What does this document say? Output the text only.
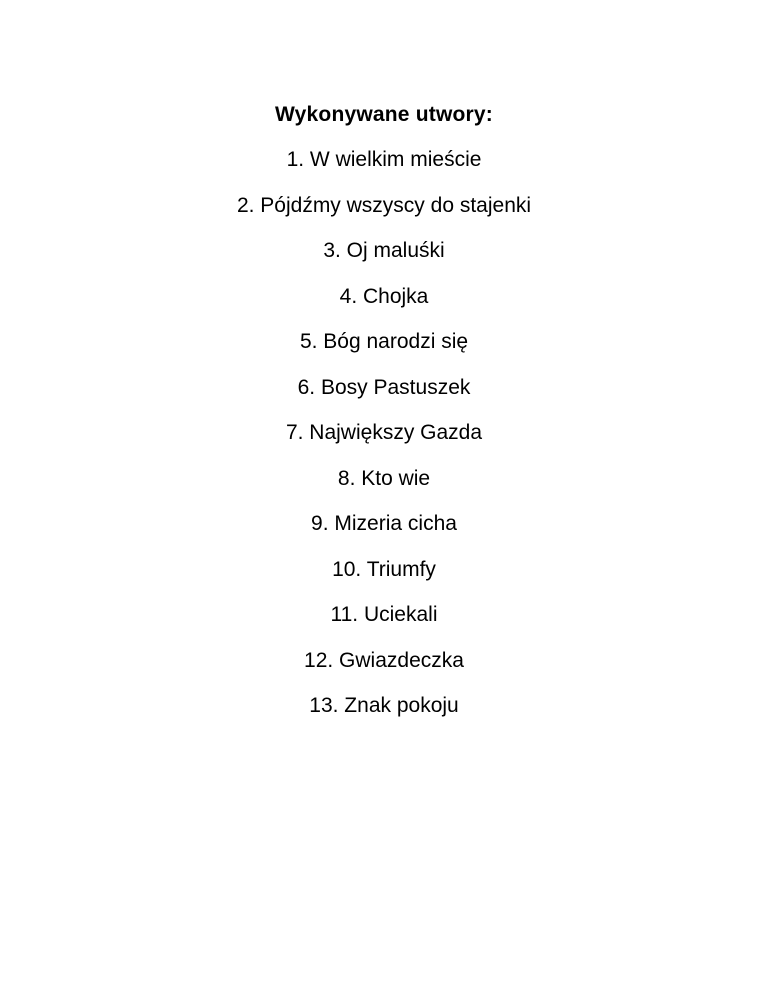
Wykonywane utwory:
1. W wielkim mieście
2. Pójdźmy wszyscy do stajenki
3. Oj maluśki
4. Chojka
5. Bóg narodzi się
6. Bosy Pastuszek
7. Największy Gazda
8. Kto wie
9. Mizeria cicha
10. Triumfy
11. Uciekali
12. Gwiazdeczka
13. Znak pokoju
